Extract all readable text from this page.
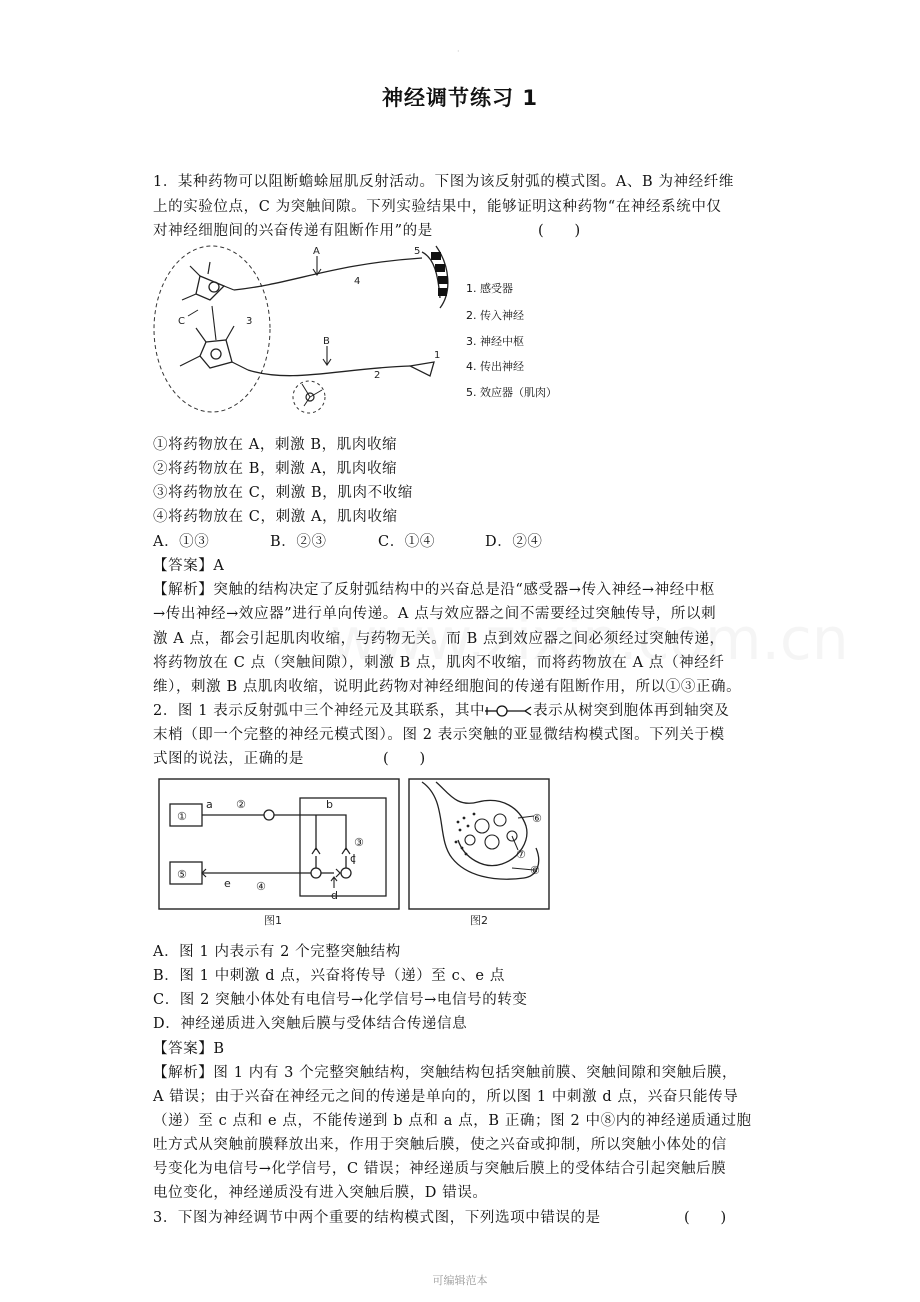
·
神经调节练习 1
1．某种药物可以阻断蟾蜍屈肌反射活动。下图为该反射弧的模式图。A、B 为神经纤维
上的实验位点，C 为突触间隙。下列实验结果中，能够证明这种药物“在神经系统中仅
对神经细胞间的兴奋传递有阻断作用”的是	(　　)
A
B
C
1
2
3
4
5
1. 感受器
2. 传入神经
3. 神经中枢
4. 传出神经
5. 效应器（肌肉）
①将药物放在 A，刺激 B，肌肉收缩
②将药物放在 B，刺激 A，肌肉收缩
③将药物放在 C，刺激 B，肌肉不收缩
④将药物放在 C，刺激 A，肌肉收缩
A．①③	B．②③	C．①④	D．②④
【答案】A
【解析】突触的结构决定了反射弧结构中的兴奋总是沿“感受器→传入神经→神经中枢
→传出神经→效应器”进行单向传递。A 点与效应器之间不需要经过突触传导，所以刺
激 A 点，都会引起肌肉收缩，与药物无关。而 B 点到效应器之间必须经过突触传递，
将药物放在 C 点（突触间隙），刺激 B 点，肌肉不收缩，而将药物放在 A 点（神经纤
维），刺激 B 点肌肉收缩，说明此药物对神经细胞间的传递有阻断作用，所以①③正确。
2．图 1 表示反射弧中三个神经元及其联系，其中	表示从树突到胞体再到轴突及
末梢（即一个完整的神经元模式图）。图 2 表示突触的亚显微结构模式图。下列关于模
式图的说法，正确的是	(　　)
①
⑤
②
③
④
a	b
c
d
e
图1
⑥
⑦
⑧
图2
A．图 1 内表示有 2 个完整突触结构
B．图 1 中刺激 d 点，兴奋将传导（递）至 c、e 点
C．图 2 突触小体处有电信号→化学信号→电信号的转变
D．神经递质进入突触后膜与受体结合传递信息
【答案】B
【解析】图 1 内有 3 个完整突触结构，突触结构包括突触前膜、突触间隙和突触后膜，
A 错误；由于兴奋在神经元之间的传递是单向的，所以图 1 中刺激 d 点，兴奋只能传导
（递）至 c 点和 e 点，不能传递到 b 点和 a 点，B 正确；图 2 中⑧内的神经递质通过胞
吐方式从突触前膜释放出来，作用于突触后膜，使之兴奋或抑制，所以突触小体处的信
号变化为电信号→化学信号，C 错误；神经递质与突触后膜上的受体结合引起突触后膜
电位变化，神经递质没有进入突触后膜，D 错误。
3．下图为神经调节中两个重要的结构模式图，下列选项中错误的是	(　　)
可编辑范本
